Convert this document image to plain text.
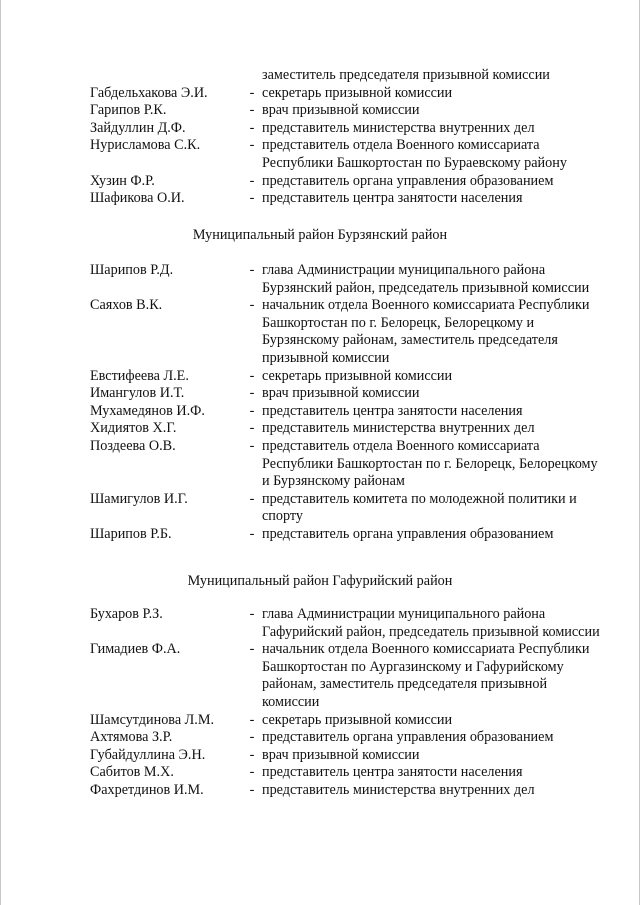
заместитель председателя призывной комиссии
Габдельхакова Э.И.	- секретарь призывной комиссии
Гарипов Р.К.	- врач призывной комиссии
Зайдуллин Д.Ф.	- представитель министерства внутренних дел
Нурисламова С.К.	- представитель отдела Военного комиссариата Республики Башкортостан по Бураевскому району
Хузин Ф.Р.	- представитель органа управления образованием
Шафикова О.И.	- представитель центра занятости населения
Муниципальный район Бурзянский район
Шарипов Р.Д.	- глава Администрации муниципального района Бурзянский район, председатель призывной комиссии
Саяхов В.К.	- начальник отдела Военного комиссариата Республики Башкортостан по г. Белорецк, Белорецкому и Бурзянскому районам, заместитель председателя призывной комиссии
Евстифеева Л.Е.	- секретарь призывной комиссии
Имангулов И.Т.	- врач призывной комиссии
Мухамедянов И.Ф.	- представитель центра занятости населения
Хидиятов Х.Г.	- представитель министерства внутренних дел
Поздеева О.В.	- представитель отдела Военного комиссариата Республики Башкортостан по г. Белорецк, Белорецкому и Бурзянскому районам
Шамигулов И.Г.	- представитель комитета по молодежной политики и спорту
Шарипов Р.Б.	- представитель органа управления образованием
Муниципальный район Гафурийский район
Бухаров Р.З.	- глава Администрации муниципального района Гафурийский район, председатель призывной комиссии
Гимадиев Ф.А.	- начальник отдела Военного комиссариата Республики Башкортостан по Аургазинскому и Гафурийскому районам, заместитель председателя призывной комиссии
Шамсутдинова Л.М.	- секретарь призывной комиссии
Ахтямова З.Р.	- представитель органа управления образованием
Губайдуллина Э.Н.	- врач призывной комиссии
Сабитов М.Х.	- представитель центра занятости населения
Фахретдинов И.М.	- представитель министерства внутренних дел
